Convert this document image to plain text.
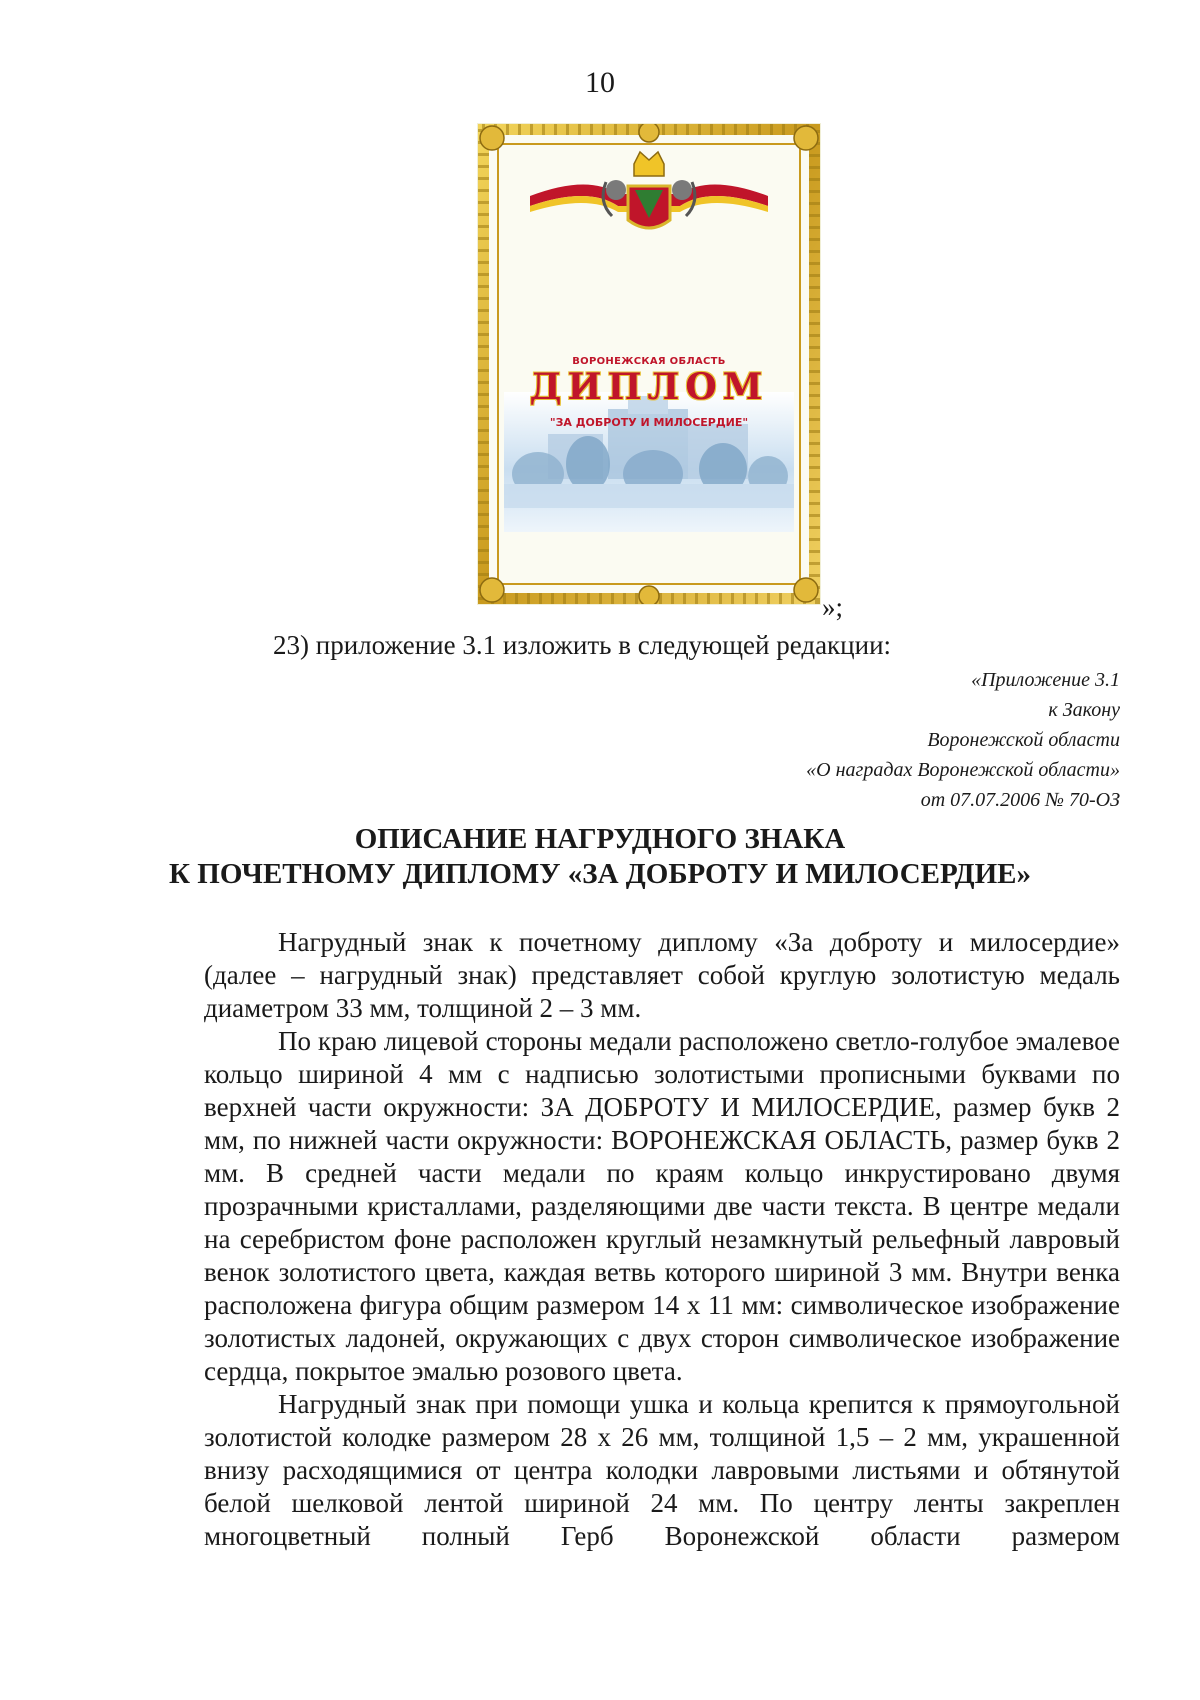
10
ВОРОНЕЖСКАЯ ОБЛАСТЬ
ДИПЛОМ
"ЗА ДОБРОТУ И МИЛОСЕРДИЕ"
»;
23) приложение 3.1 изложить в следующей редакции:
«Приложение 3.1
к Закону
Воронежской области
«О наградах Воронежской области»
от 07.07.2006 № 70-ОЗ
ОПИСАНИЕ НАГРУДНОГО ЗНАКА
К ПОЧЕТНОМУ ДИПЛОМУ «ЗА ДОБРОТУ И МИЛОСЕРДИЕ»

Нагрудный знак к почетному диплому «За доброту и милосердие» (далее – нагрудный знак) представляет собой круглую золотистую медаль диаметром 33 мм, толщиной 2 – 3 мм.

По краю лицевой стороны медали расположено светло-голубое эмалевое кольцо шириной 4 мм с надписью золотистыми прописными буквами по верхней части окружности: ЗА ДОБРОТУ И МИЛОСЕРДИЕ, размер букв 2 мм, по нижней части окружности: ВОРОНЕЖСКАЯ ОБЛАСТЬ, размер букв 2 мм. В средней части медали по краям кольцо инкрустировано двумя прозрачными кристаллами, разделяющими две части текста. В центре медали на серебристом фоне расположен круглый незамкнутый рельефный лавровый венок золотистого цвета, каждая ветвь которого шириной 3 мм. Внутри венка расположена фигура общим размером 14 х 11 мм: символическое изображение золотистых ладоней, окружающих с двух сторон символическое изображение сердца, покрытое эмалью розового цвета.

Нагрудный знак при помощи ушка и кольца крепится к прямоугольной золотистой колодке размером 28 х 26 мм, толщиной 1,5 – 2 мм, украшенной внизу расходящимися от центра колодки лавровыми листьями и обтянутой белой шелковой лентой шириной 24 мм. По центру ленты закреплен многоцветный полный Герб Воронежской области размером
